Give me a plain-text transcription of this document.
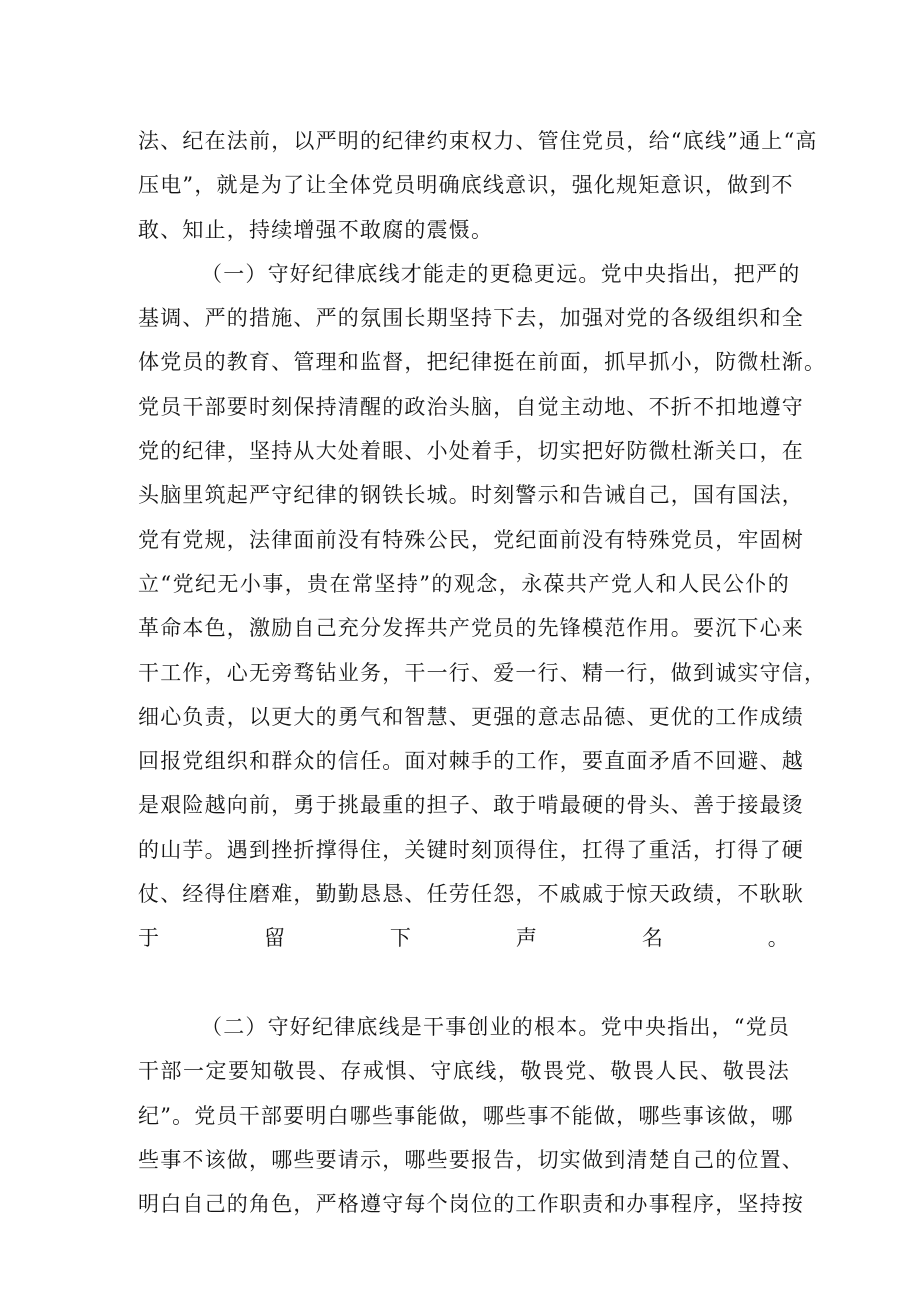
法、纪在法前，以严明的纪律约束权力、管住党员，给“底线”通上“高
压电”，就是为了让全体党员明确底线意识，强化规矩意识，做到不
敢、知止，持续增强不敢腐的震慑。
（一）守好纪律底线才能走的更稳更远。党中央指出，把严的
基调、严的措施、严的氛围长期坚持下去，加强对党的各级组织和全
体党员的教育、管理和监督，把纪律挺在前面，抓早抓小，防微杜渐。
党员干部要时刻保持清醒的政治头脑，自觉主动地、不折不扣地遵守
党的纪律，坚持从大处着眼、小处着手，切实把好防微杜渐关口，在
头脑里筑起严守纪律的钢铁长城。时刻警示和告诫自己，国有国法，
党有党规，法律面前没有特殊公民，党纪面前没有特殊党员，牢固树
立“党纪无小事，贵在常坚持”的观念，永葆共产党人和人民公仆的
革命本色，激励自己充分发挥共产党员的先锋模范作用。要沉下心来
干工作，心无旁骛钻业务，干一行、爱一行、精一行，做到诚实守信，
细心负责，以更大的勇气和智慧、更强的意志品德、更优的工作成绩
回报党组织和群众的信任。面对棘手的工作，要直面矛盾不回避、越
是艰险越向前，勇于挑最重的担子、敢于啃最硬的骨头、善于接最烫
的山芋。遇到挫折撑得住，关键时刻顶得住，扛得了重活，打得了硬
仗、经得住磨难，勤勤恳恳、任劳任怨，不戚戚于惊天政绩，不耿耿
于留下声名。
（二）守好纪律底线是干事创业的根本。党中央指出，“党员
干部一定要知敬畏、存戒惧、守底线，敬畏党、敬畏人民、敬畏法
纪”。党员干部要明白哪些事能做，哪些事不能做，哪些事该做，哪
些事不该做，哪些要请示，哪些要报告，切实做到清楚自己的位置、
明白自己的角色，严格遵守每个岗位的工作职责和办事程序，坚持按
